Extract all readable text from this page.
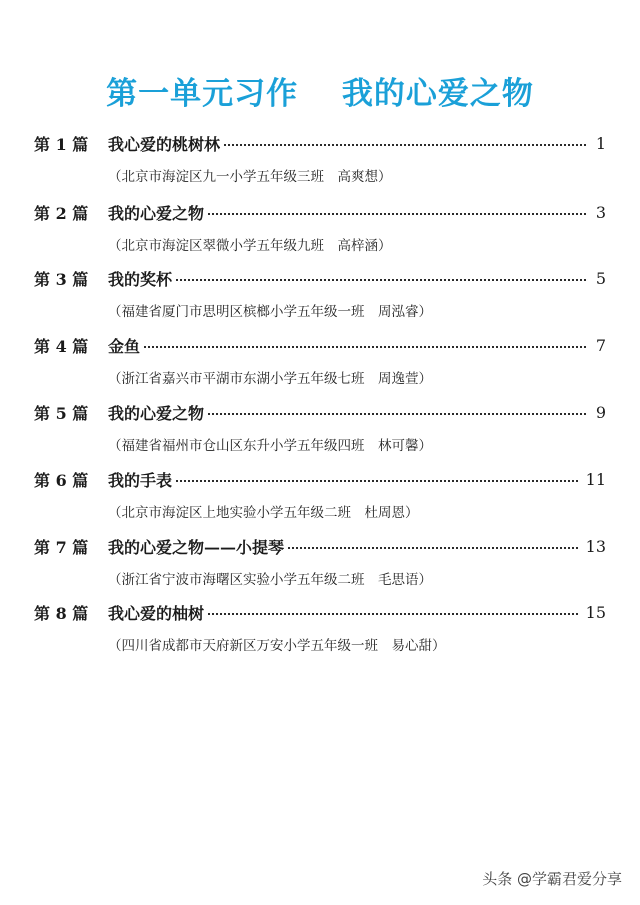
第一单元习作　 我的心爱之物
第 1 篇	我心爱的桃树林	1
（北京市海淀区九一小学五年级三班　高爽想）
第 2 篇	我的心爱之物	3
（北京市海淀区翠微小学五年级九班　高梓涵）
第 3 篇	我的奖杯	5
（福建省厦门市思明区槟榔小学五年级一班　周泓睿）
第 4 篇	金鱼	7
（浙江省嘉兴市平湖市东湖小学五年级七班　周逸萱）
第 5 篇	我的心爱之物	9
（福建省福州市仓山区东升小学五年级四班　林可馨）
第 6 篇	我的手表	11
（北京市海淀区上地实验小学五年级二班　杜周恩）
第 7 篇	我的心爱之物——小提琴	13
（浙江省宁波市海曙区实验小学五年级二班　毛思语）
第 8 篇	我心爱的柚树	15
（四川省成都市天府新区万安小学五年级一班　易心甜）
头条 @学霸君爱分享
